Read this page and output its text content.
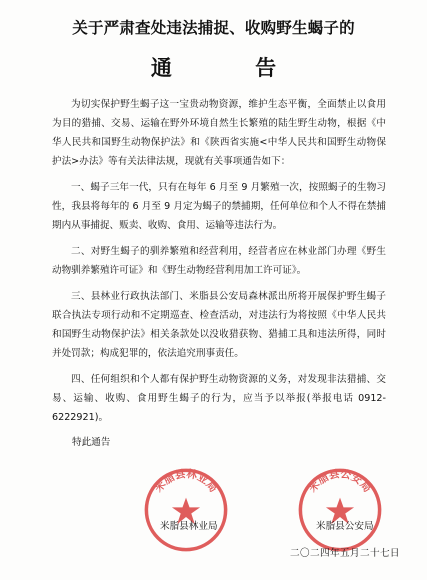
关于严肃查处违法捕捉、收购野生蝎子的
通 告
为切实保护野生蝎子这一宝贵动物资源，维护生态平衡，全面禁止以食用为目的猎捕、交易、运输在野外环境自然生长繁殖的陆生野生动物，根据《中华人民共和国野生动物保护法》和《陕西省实施<中华人民共和国野生动物保护法>办法》等有关法律法规，现就有关事项通告如下：
一、蝎子三年一代，只有在每年 6 月至 9 月繁殖一次，按照蝎子的生物习性，我县将每年的 6 月至 9 月定为蝎子的禁捕期，任何单位和个人不得在禁捕期内从事捕捉、贩卖、收购、食用、运输等违法行为。
二、对野生蝎子的驯养繁殖和经营利用，经营者应在林业部门办理《野生动物驯养繁殖许可证》和《野生动物经营利用加工许可证》。
三、县林业行政执法部门、米脂县公安局森林派出所将开展保护野生蝎子联合执法专项行动和不定期巡查、检查活动，对违法行为将按照《中华人民共和国野生动物保护法》相关条款处以没收猎获物、猎捕工具和违法所得，同时并处罚款；构成犯罪的，依法追究刑事责任。
四、任何组织和个人都有保护野生动物资源的义务，对发现非法猎捕、交易、运输、收购、食用野生蝎子的行为，应当予以举报(举报电话 0912-6222921)。
特此通告
米脂县林业局	米脂县公安局
米脂县林业局	米脂县公安局
二〇二四年五月二十七日
